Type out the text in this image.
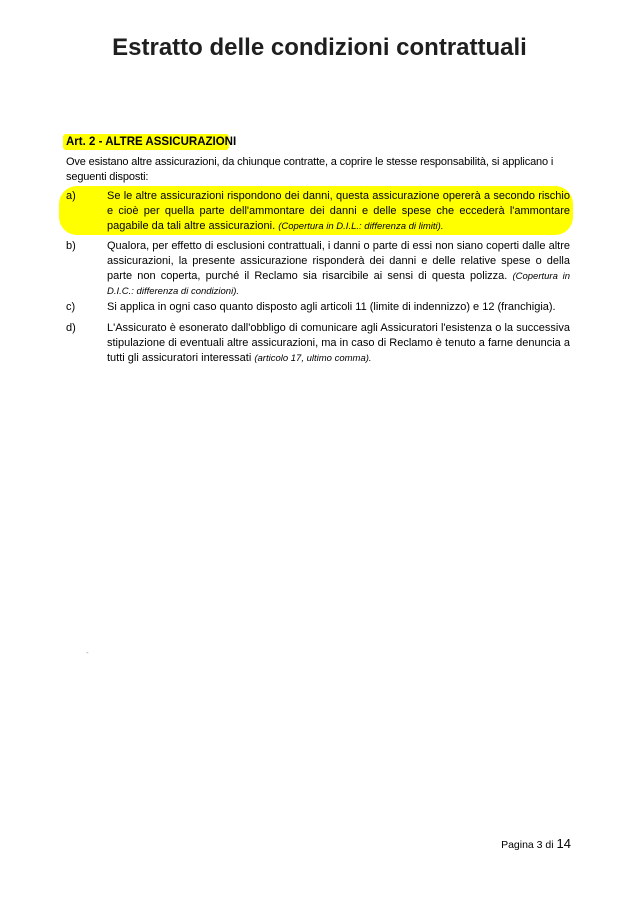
Estratto delle condizioni contrattuali
Art. 2 - ALTRE ASSICURAZIONI
Ove esistano altre assicurazioni, da chiunque contratte, a coprire le stesse responsabilità, si applicano i seguenti disposti:
a)	Se le altre assicurazioni rispondono dei danni, questa assicurazione opererà a secondo rischio e cioè per quella parte dell'ammontare dei danni e delle spese che eccederà l'ammontare pagabile da tali altre assicurazioni. (Copertura in D.I.L.: differenza di limiti).
b)	Qualora, per effetto di esclusioni contrattuali, i danni o parte di essi non siano coperti dalle altre assicurazioni, la presente assicurazione risponderà dei danni e delle relative spese o della parte non coperta, purché il Reclamo sia risarcibile ai sensi di questa polizza. (Copertura in D.I.C.: differenza di condizioni).
c)	Si applica in ogni caso quanto disposto agli articoli 11 (limite di indennizzo) e 12 (franchigia).
d)	L'Assicurato è esonerato dall'obbligo di comunicare agli Assicuratori l'esistenza o la successiva stipulazione di eventuali altre assicurazioni, ma in caso di Reclamo è tenuto a farne denuncia a tutti gli assicuratori interessati (articolo 17, ultimo comma).
-
Pagina 3 di 14
